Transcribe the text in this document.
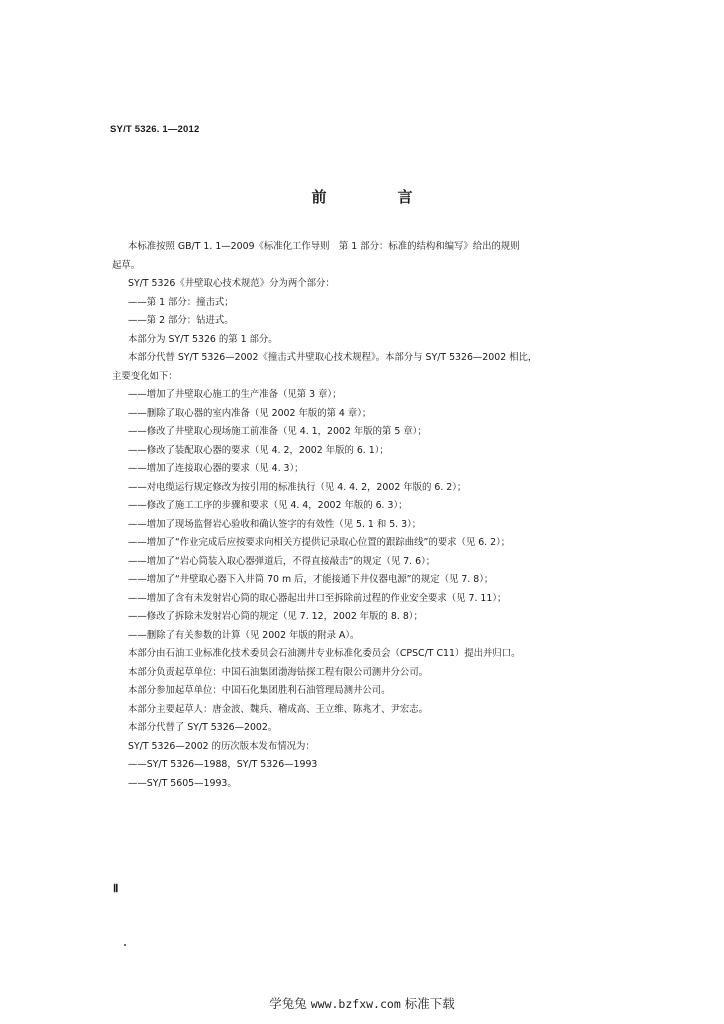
SY/T 5326. 1—2012
前　言

本标准按照 GB/T 1. 1—2009《标准化工作导则　第 1 部分：标准的结构和编写》给出的规则

起草。

SY/T 5326《井壁取心技术规范》分为两个部分：

——第 1 部分：撞击式；

——第 2 部分：钻进式。

本部分为 SY/T 5326 的第 1 部分。

本部分代替 SY/T 5326—2002《撞击式井壁取心技术规程》。本部分与 SY/T 5326—2002 相比，

主要变化如下：

——增加了井壁取心施工的生产准备（见第 3 章）；

——删除了取心器的室内准备（见 2002 年版的第 4 章）；

——修改了井壁取心现场施工前准备（见 4. 1，2002 年版的第 5 章）；

——修改了装配取心器的要求（见 4. 2，2002 年版的 6. 1）；

——增加了连接取心器的要求（见 4. 3）；

——对电缆运行规定修改为按引用的标准执行（见 4. 4. 2，2002 年版的 6. 2）；

——修改了施工工序的步骤和要求（见 4. 4，2002 年版的 6. 3）；

——增加了现场监督岩心验收和确认签字的有效性（见 5. 1 和 5. 3）；

——增加了“作业完成后应按要求向相关方提供记录取心位置的跟踪曲线”的要求（见 6. 2）；

——增加了“岩心筒装入取心器弹道后，不得直接敲击”的规定（见 7. 6）；

——增加了“井壁取心器下入井筒 70 m 后，才能接通下井仪器电源”的规定（见 7. 8）；

——增加了含有未发射岩心筒的取心器起出井口至拆除前过程的作业安全要求（见 7. 11）；

——修改了拆除未发射岩心筒的规定（见 7. 12，2002 年版的 8. 8）；

——删除了有关参数的计算（见 2002 年版的附录 A）。

本部分由石油工业标准化技术委员会石油测井专业标准化委员会（CPSC/T C11）提出并归口。

本部分负责起草单位：中国石油集团渤海钻探工程有限公司测井分公司。

本部分参加起草单位：中国石化集团胜利石油管理局测井公司。

本部分主要起草人：唐金波、魏兵、稽成高、王立维、陈兆才、尹宏志。

本部分代替了 SY/T 5326—2002。

SY/T 5326—2002 的历次版本发布情况为：

——SY/T 5326—1988，SY/T 5326—1993

——SY/T 5605—1993。

Ⅱ
学兔兔 www.bzfxw.com 标准下载
